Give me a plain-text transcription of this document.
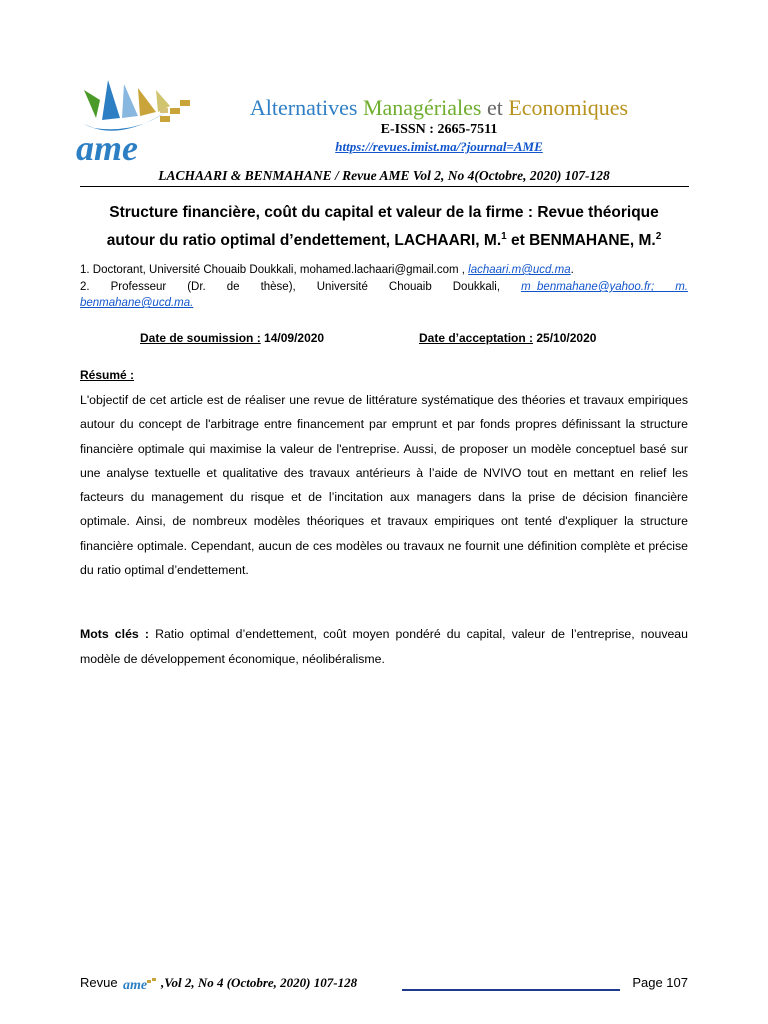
ame
Alternatives Managériales et Economiques
E-ISSN : 2665-7511
https://revues.imist.ma/?journal=AME
LACHAARI & BENMAHANE / Revue AME Vol 2, No 4(Octobre, 2020) 107-128
Structure financière, coût du capital et valeur de la firme : Revue théorique
autour du ratio optimal d’endettement, LACHAARI, M.$^1$ et BENMAHANE, M.$^2$
1. Doctorant, Université Chouaib Doukkali, mohamed.lachaari@gmail.com , lachaari.m@ucd.ma.
2. Professeur (Dr. de thèse), Université Chouaib Doukkali, m_benmahane@yahoo.fr; m.
benmahane@ucd.ma.
Date de soumission : 14/09/2020	Date d’acceptation : 25/10/2020
Résumé :

L'objectif de cet article est de réaliser une revue de littérature systématique des théories et travaux empiriques autour du concept de l'arbitrage entre financement par emprunt et par fonds propres définissant la structure financière optimale qui maximise la valeur de l'entreprise. Aussi, de proposer un modèle conceptuel basé sur une analyse textuelle et qualitative des travaux antérieurs à l’aide de NVIVO tout en mettant en relief les facteurs du management du risque et de l’incitation aux managers dans la prise de décision financière optimale. Ainsi, de nombreux modèles théoriques et travaux empiriques ont tenté d'expliquer la structure financière optimale. Cependant, aucun de ces modèles ou travaux ne fournit une définition complète et précise du ratio optimal d’endettement.

Mots clés : Ratio optimal d’endettement, coût moyen pondéré du capital, valeur de l’entreprise, nouveau modèle de développement économique, néolibéralisme.

Revue ame ,Vol 2, No 4 (Octobre, 2020) 107-128	Page 107
